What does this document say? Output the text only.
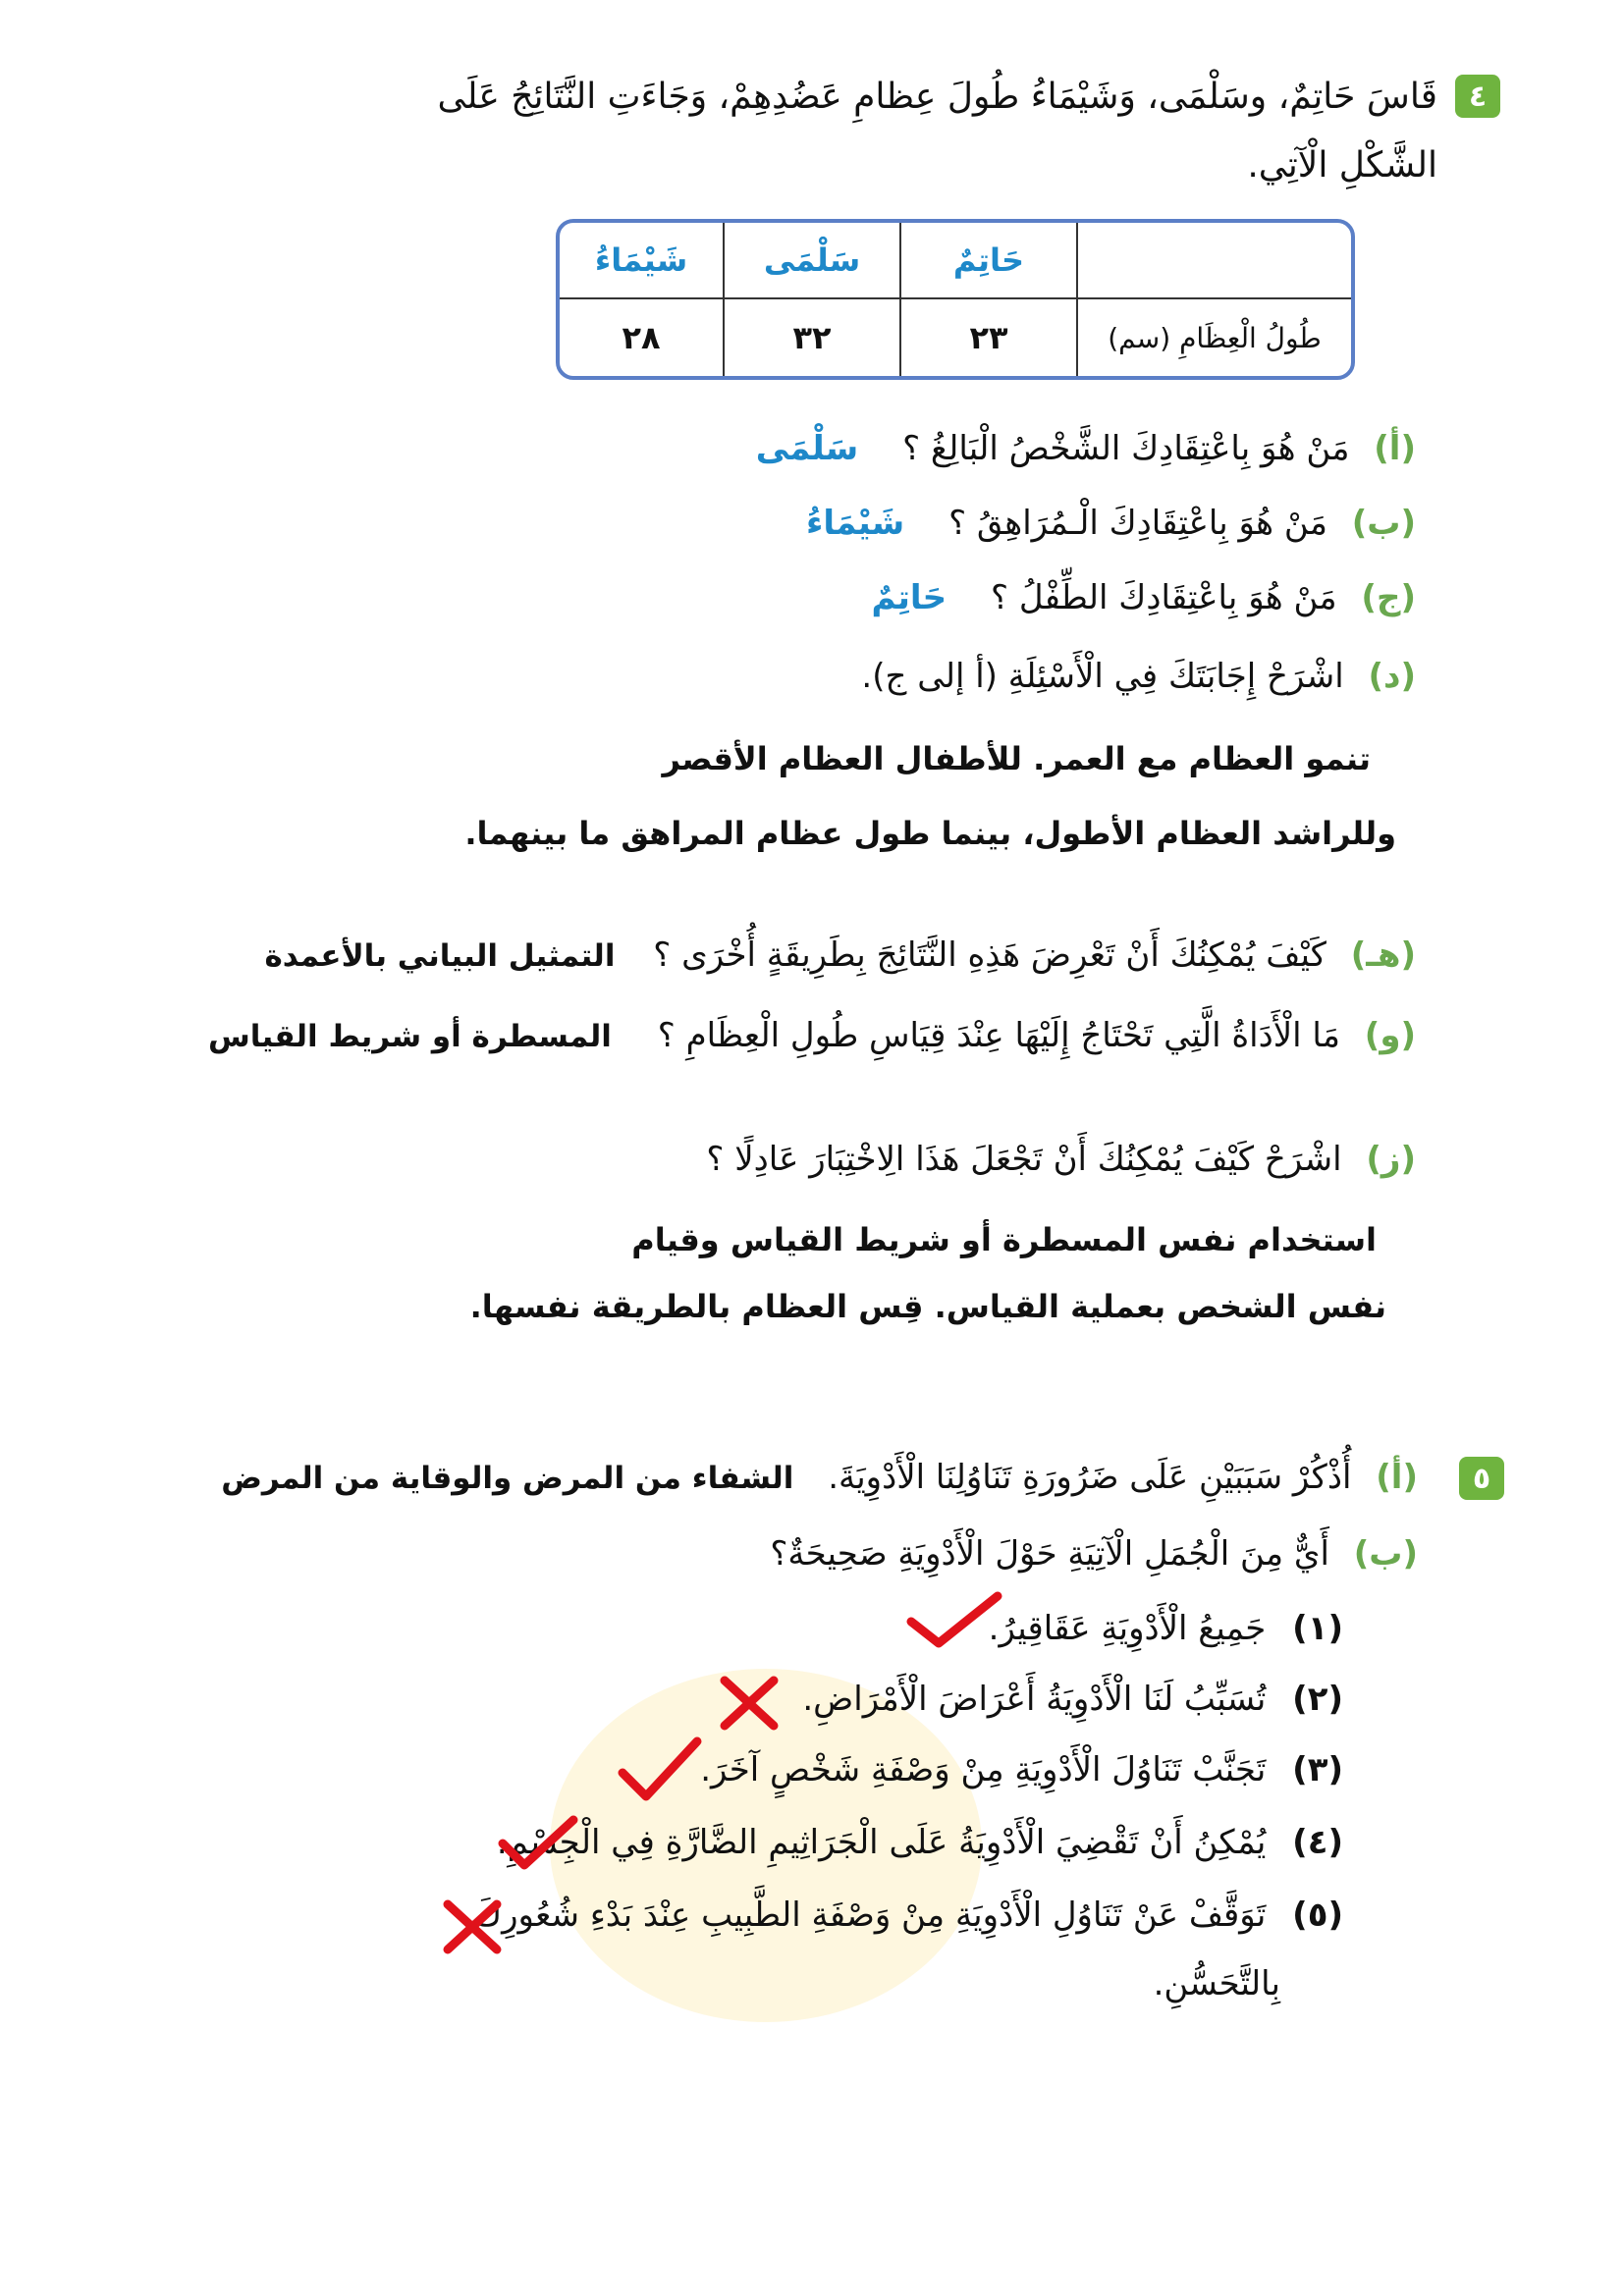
٤
قَاسَ حَاتِمٌ، وسَلْمَى، وَشَيْمَاءُ طُولَ عِظامِ عَضُدِهِمْ، وَجَاءَتِ النَّتَائِجُ عَلَى
الشَّكْلِ الْآتِي.
حَاتِمٌ
سَلْمَى
شَيْمَاءُ
طُولُ الْعِظَامِ (سم)
٢٣
٣٢
٢٨
(أ) مَنْ هُوَ بِاعْتِقَادِكَ الشَّخْصُ الْبَالِغُ ؟ سَلْمَى
(ب) مَنْ هُوَ بِاعْتِقَادِكَ الْـمُرَاهِقُ ؟ شَيْمَاءُ
(ج) مَنْ هُوَ بِاعْتِقَادِكَ الطِّفْلُ ؟ حَاتِمٌ
(د) اشْرَحْ إِجَابَتَكَ فِي الْأَسْئِلَةِ (أ إلى ج).
تنمو العظام مع العمر. للأطفال العظام الأقصر
وللراشد العظام الأطول، بينما طول عظام المراهق ما بينهما.
(هـ) كَيْفَ يُمْكِنُكَ أَنْ تَعْرِضَ هَذِهِ النَّتَائِجَ بِطَرِيقَةٍ أُخْرَى ؟ التمثيل البياني بالأعمدة
(و) مَا الْأَدَاةُ الَّتِي تَحْتَاجُ إِلَيْهَا عِنْدَ قِيَاسِ طُولِ الْعِظَامِ ؟ المسطرة أو شريط القياس
(ز) اشْرَحْ كَيْفَ يُمْكِنُكَ أَنْ تَجْعَلَ هَذَا الِاخْتِبَارَ عَادِلًا ؟
استخدام نفس المسطرة أو شريط القياس وقيام
نفس الشخص بعملية القياس. قِس العظام بالطريقة نفسها.
٥
(أ) أُذْكُرْ سَبَبَيْنِ عَلَى ضَرُورَةِ تَنَاوُلِنَا الْأَدْوِيَةَ. الشفاء من المرض والوقاية من المرض
(ب) أَيٌّ مِنَ الْجُمَلِ الْآتِيَةِ حَوْلَ الْأَدْوِيَةِ صَحِيحَةٌ؟
(١) جَمِيعُ الْأَدْوِيَةِ عَقَاقِيرُ.
(٢) تُسَبِّبُ لَنَا الْأَدْوِيَةُ أَعْرَاضَ الْأَمْرَاضِ.
(٣) تَجَنَّبْ تَنَاوُلَ الْأَدْوِيَةِ مِنْ وَصْفَةِ شَخْصٍ آخَرَ.
(٤) يُمْكِنُ أَنْ تَقْضِيَ الْأَدْوِيَةُ عَلَى الْجَرَاثِيمِ الضَّارَّةِ فِي الْجِسْمِ.
(٥) تَوَقَّفْ عَنْ تَنَاوُلِ الْأَدْوِيَةِ مِنْ وَصْفَةِ الطَّبِيبِ عِنْدَ بَدْءِ شُعُورِكَ
بِالتَّحَسُّنِ.
